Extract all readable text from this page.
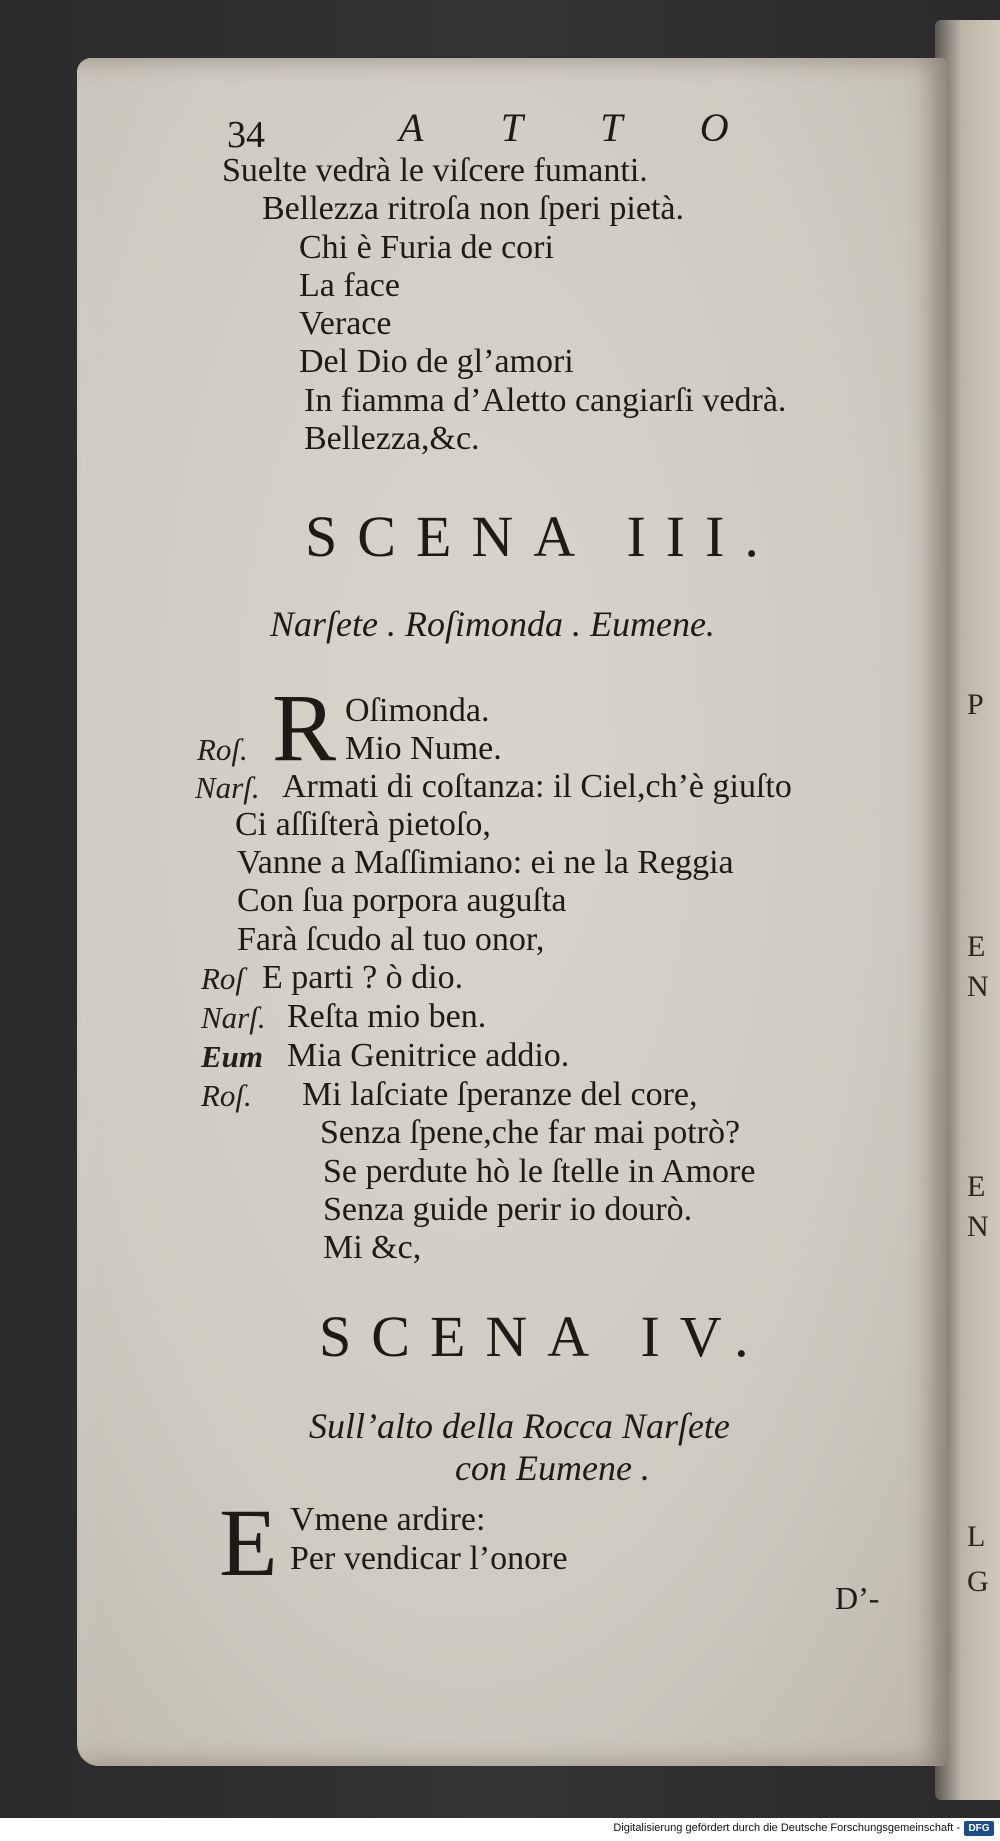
P
E
N
E
N
L
G
34	A T T O
Suelte vedrà le viſcere fumanti.
Bellezza ritroſa non ſperi pietà.
Chi è Furia de cori
La face
Verace
Del Dio de gl’amori
In fiamma d’Aletto cangiarſi vedrà.
Bellezza,&c.
SCENA III.
Narſete . Roſimonda . Eumene.
R Oſimonda.
Roſ.	Mio Nume.
Narſ. Armati di coſtanza: il Ciel,ch’è giuſto
Ci aſſiſterà pietoſo,
Vanne a Maſſimiano: ei ne la Reggia
Con ſua porpora auguſta
Farà ſcudo al tuo onor,
Roſ E parti ? ò dio.
Narſ. Reſta mio ben.
Eum Mia Genitrice addio.
Roſ. Mi laſciate ſperanze del core,
Senza ſpene,che far mai potrò?
Se perdute hò le ſtelle in Amore
Senza guide perir io dourò.
Mi &c,
SCENA IV.
Sull’alto della Rocca Narſete
con Eumene .
E Vmene ardire:
Per vendicar l’onore
D’-
Digitalisierung gefördert durch die Deutsche Forschungsgemeinschaft - DFG
